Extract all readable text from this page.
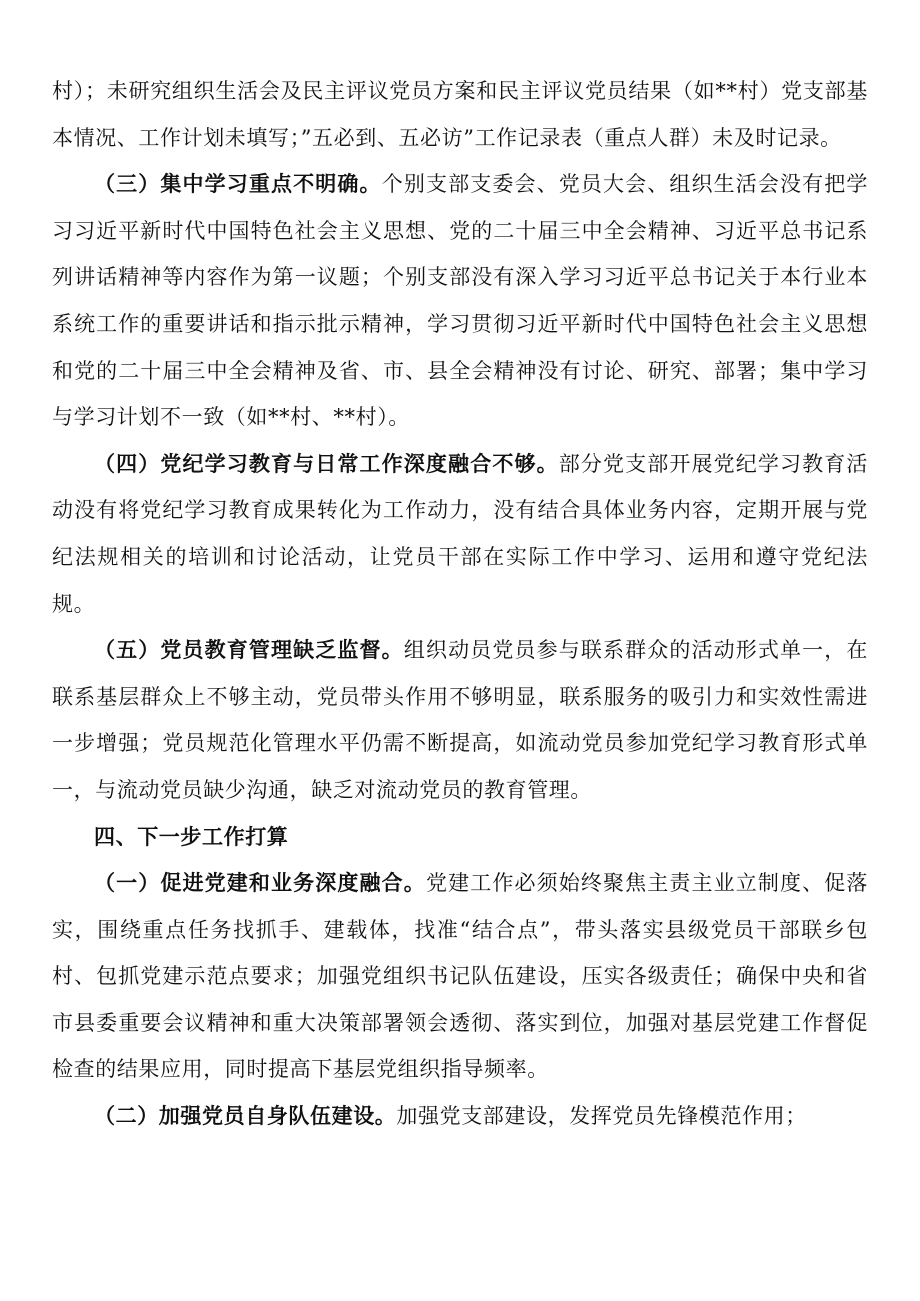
村）；未研究组织生活会及民主评议党员方案和民主评议党员结果（如**村）党支部基本情况、工作计划未填写；”五必到、五必访”工作记录表（重点人群）未及时记录。

（三）集中学习重点不明确。个别支部支委会、党员大会、组织生活会没有把学习习近平新时代中国特色社会主义思想、党的二十届三中全会精神、习近平总书记系列讲话精神等内容作为第一议题；个别支部没有深入学习习近平总书记关于本行业本系统工作的重要讲话和指示批示精神，学习贯彻习近平新时代中国特色社会主义思想和党的二十届三中全会精神及省、市、县全会精神没有讨论、研究、部署；集中学习与学习计划不一致（如**村、**村）。

（四）党纪学习教育与日常工作深度融合不够。部分党支部开展党纪学习教育活动没有将党纪学习教育成果转化为工作动力，没有结合具体业务内容，定期开展与党纪法规相关的培训和讨论活动，让党员干部在实际工作中学习、运用和遵守党纪法规。

（五）党员教育管理缺乏监督。组织动员党员参与联系群众的活动形式单一，在联系基层群众上不够主动，党员带头作用不够明显，联系服务的吸引力和实效性需进一步增强；党员规范化管理水平仍需不断提高，如流动党员参加党纪学习教育形式单一，与流动党员缺少沟通，缺乏对流动党员的教育管理。

四、下一步工作打算

（一）促进党建和业务深度融合。党建工作必须始终聚焦主责主业立制度、促落实，围绕重点任务找抓手、建载体，找准“结合点”，带头落实县级党员干部联乡包村、包抓党建示范点要求；加强党组织书记队伍建设，压实各级责任；确保中央和省市县委重要会议精神和重大决策部署领会透彻、落实到位，加强对基层党建工作督促检查的结果应用，同时提高下基层党组织指导频率。

（二）加强党员自身队伍建设。加强党支部建设，发挥党员先锋模范作用；
